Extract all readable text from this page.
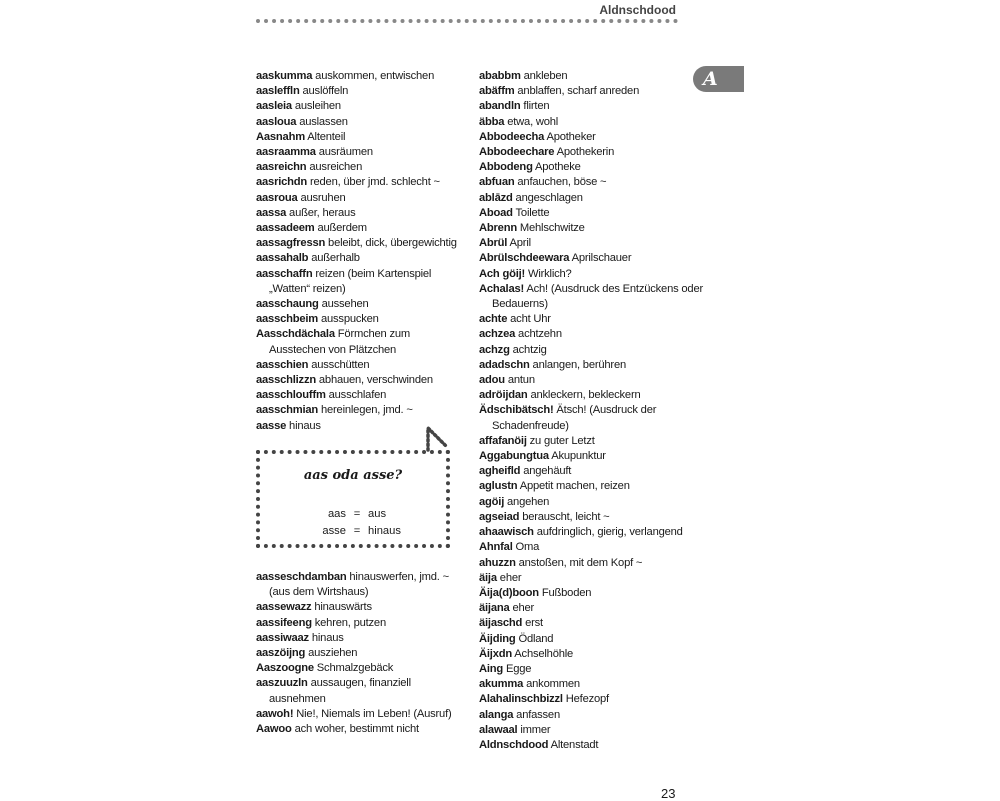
Aldnschdood
A

aaskumma auskommen, entwischen

aasleffln auslöffeln

aasleia ausleihen

aasloua auslassen

Aasnahm Altenteil

aasraamma ausräumen

aasreichn ausreichen

aasrichdn reden, über jmd. schlecht ~

aasroua ausruhen

aassa außer, heraus

aassadeem außerdem

aassagfressn beleibt, dick, übergewichtig

aassahalb außerhalb

aasschaffn reizen (beim Kartenspiel „Watten“ reizen)

aasschaung aussehen

aasschbeim ausspucken

Aasschdächala Förmchen zum Ausstechen von Plätzchen

aasschien ausschütten

aasschlizzn abhauen, verschwinden

aasschlouffm ausschlafen

aasschmian hereinlegen, jmd. ~

aasse hinaus

aas oda asse?
aas = aus
asse = hinaus

aasseschdamban hinauswerfen, jmd. ~ (aus dem Wirtshaus)

aassewazz hinauswärts

aassifeeng kehren, putzen

aassiwaaz hinaus

aaszöijng ausziehen

Aaszoogne Schmalzgebäck

aaszuuzln aussaugen, finanziell ausnehmen

aawoh! Nie!, Niemals im Leben! (Ausruf)

Aawoo ach woher, bestimmt nicht

ababbm ankleben

abäffm anblaffen, scharf anreden

abandln flirten

äbba etwa, wohl

Abbodeecha Apotheker

Abbodeechare Apothekerin

Abbodeng Apotheke

abfuan anfauchen, böse ~

ablāzd angeschlagen

Aboad Toilette

Abrenn Mehlschwitze

Abrül April

Abrülschdeewara Aprilschauer

Ach göij! Wirklich?

Achalas! Ach! (Ausdruck des Entzückens oder Bedauerns)

achte acht Uhr

achzea achtzehn

achzg achtzig

adadschn anlangen, berühren

adou antun

adröijdan ankleckern, bekleckern

Ädschibätsch! Ätsch! (Ausdruck der Schadenfreude)

affafanöij zu guter Letzt

Aggabungtua Akupunktur

agheifld angehäuft

aglustn Appetit machen, reizen

agöij angehen

agseiad berauscht, leicht ~

ahaawisch aufdringlich, gierig, verlangend

Ahnfal Oma

ahuzzn anstoßen, mit dem Kopf ~

äija eher

Äija(d)boon Fußboden

äijana eher

äijaschd erst

Äijding Ödland

Äijxdn Achselhöhle

Aing Egge

akumma ankommen

Alahalinschbizzl Hefezopf

alanga anfassen

alawaal immer

Aldnschdood Altenstadt

23
